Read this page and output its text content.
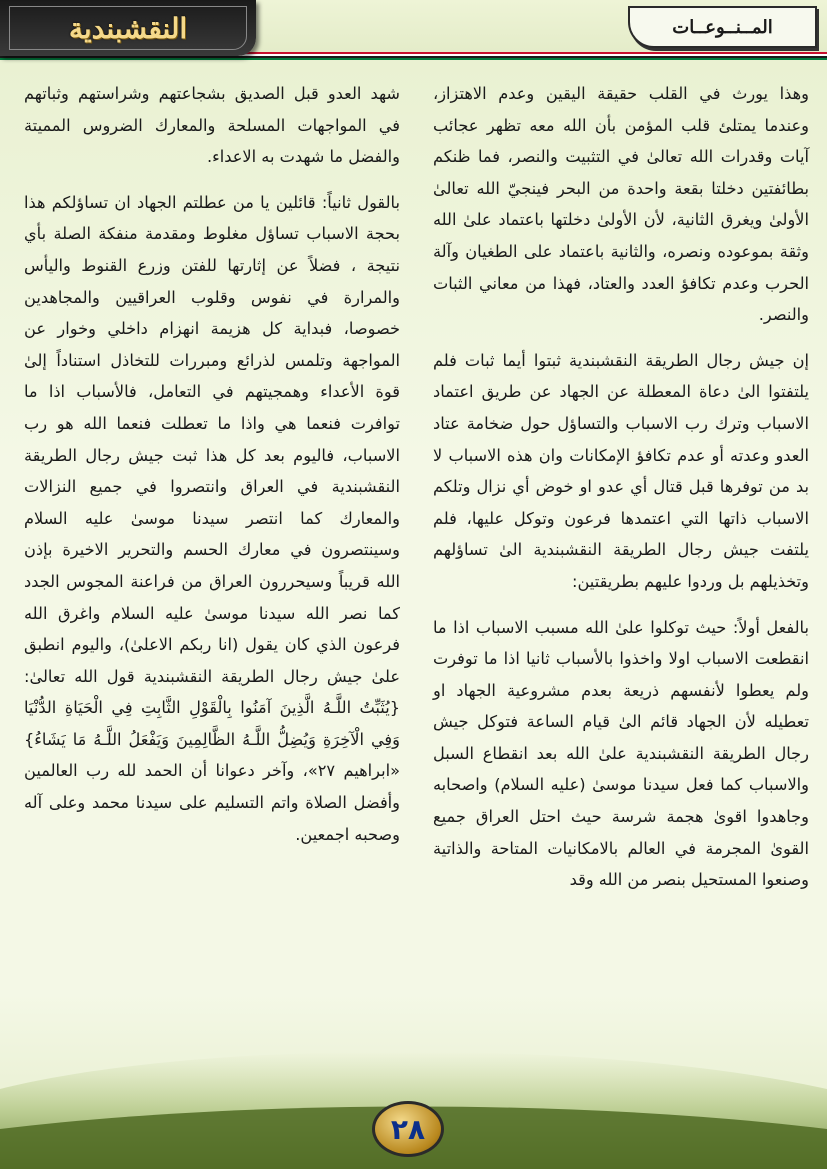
النقشبندية	المــنــوعــات

وهذا يورث في القلب حقيقة اليقين وعدم الاهتزاز، وعندما يمتلئ قلب المؤمن بأن الله معه تظهر عجائب آيات وقدرات الله تعالىٰ في التثبيت والنصر، فما ظنكم بطائفتين دخلتا بقعة واحدة من البحر فينجيّ الله تعالىٰ الأولىٰ ويغرق الثانية، لأن الأولىٰ دخلتها باعتماد علىٰ الله وثقة بموعوده ونصره، والثانية باعتماد على الطغيان وآلة الحرب وعدم تكافؤ العدد والعتاد، فهذا من معاني الثبات والنصر.

إن جيش رجال الطريقة النقشبندية ثبتوا أيما ثبات فلم يلتفتوا الىٰ دعاة المعطلة عن الجهاد عن طريق اعتماد الاسباب وترك رب الاسباب والتساؤل حول ضخامة عتاد العدو وعدته أو عدم تكافؤ الإمكانات وان هذه الاسباب لا بد من توفرها قبل قتال أي عدو او خوض أي نزال وتلكم الاسباب ذاتها التي اعتمدها فرعون وتوكل عليها، فلم يلتفت جيش رجال الطريقة النقشبندية الىٰ تساؤلهم وتخذيلهم بل وردوا عليهم بطريقتين:

بالفعل أولاً: حيث توكلوا علىٰ الله مسبب الاسباب اذا ما انقطعت الاسباب اولا واخذوا بالأسباب ثانيا اذا ما توفرت ولم يعطوا لأنفسهم ذريعة بعدم مشروعية الجهاد او تعطيله لأن الجهاد قائم الىٰ قيام الساعة فتوكل جيش رجال الطريقة النقشبندية علىٰ الله بعد انقطاع السبل والاسباب كما فعل سيدنا موسىٰ (عليه السلام) واصحابه وجاهدوا اقوىٰ هجمة شرسة حيث احتل العراق جميع القوىٰ المجرمة في العالم بالامكانيات المتاحة والذاتية وصنعوا المستحيل بنصر من الله وقد

شهد العدو قبل الصديق بشجاعتهم وشراستهم وثباتهم في المواجهات المسلحة والمعارك الضروس المميتة والفضل ما شهدت به الاعداء.

بالقول ثانياً: قائلين يا من عطلتم الجهاد ان تساؤلكم هذا بحجة الاسباب تساؤل مغلوط ومقدمة منفكة الصلة بأي نتيجة ، فضلاً عن إثارتها للفتن وزرع القنوط واليأس والمرارة في نفوس وقلوب العراقيين والمجاهدين خصوصا، فبداية كل هزيمة انهزام داخلي وخوار عن المواجهة وتلمس لذرائع ومبررات للتخاذل استناداً إلىٰ قوة الأعداء وهمجيتهم في التعامل، فالأسباب اذا ما توافرت فنعما هي واذا ما تعطلت فنعما الله هو رب الاسباب، فاليوم بعد كل هذا ثبت جيش رجال الطريقة النقشبندية في العراق وانتصروا في جميع النزالات والمعارك كما انتصر سيدنا موسىٰ عليه السلام وسينتصرون في معارك الحسم والتحرير الاخيرة بإذن الله قريباً وسيحررون العراق من فراعنة المجوس الجدد كما نصر الله سيدنا موسىٰ عليه السلام واغرق الله فرعون الذي كان يقول (انا ربكم الاعلىٰ)، واليوم انطبق علىٰ جيش رجال الطريقة النقشبندية قول الله تعالىٰ: {يُثَبِّتُ اللَّـهُ الَّذِينَ آمَنُوا بِالْقَوْلِ الثَّابِتِ فِي الْحَيَاةِ الدُّنْيَا وَفِي الْآخِرَةِ وَيُضِلُّ اللَّـهُ الظَّالِمِينَ وَيَفْعَلُ اللَّـهُ مَا يَشَاءُ} «ابراهيم ٢٧»، وآخر دعوانا أن الحمد لله رب العالمين وأفضل الصلاة واتم التسليم على سيدنا محمد وعلى آله وصحبه اجمعين.

٢٨
